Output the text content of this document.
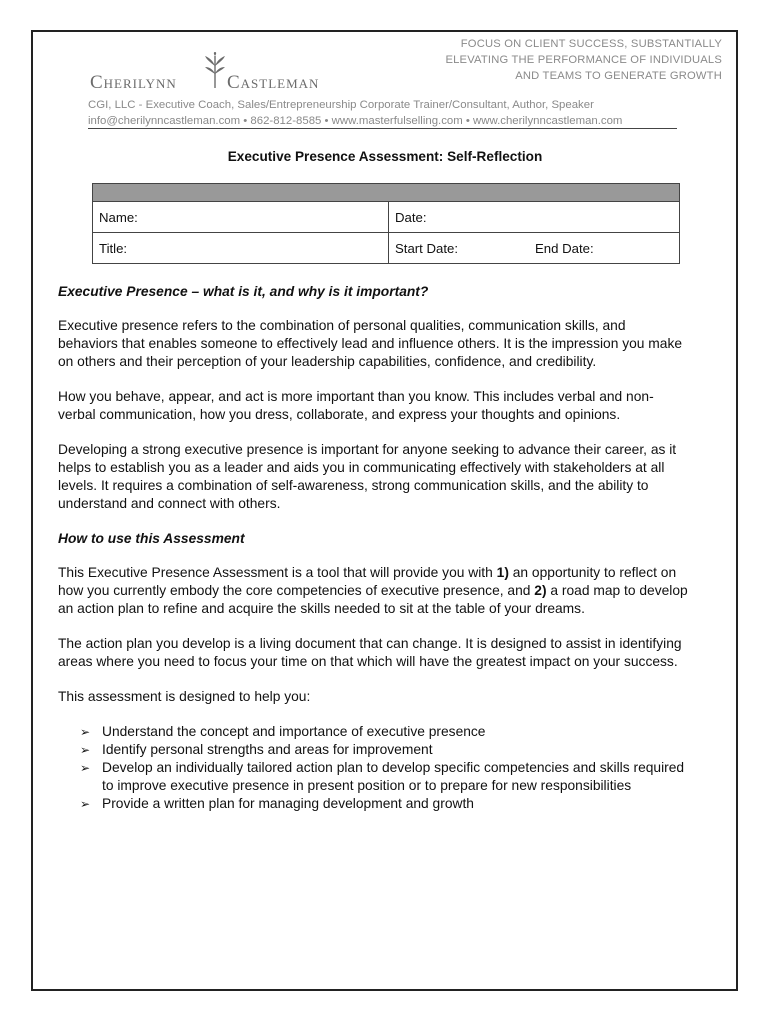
FOCUS ON CLIENT SUCCESS, SUBSTANTIALLY
ELEVATING THE PERFORMANCE OF INDIVIDUALS
AND TEAMS TO GENERATE GROWTH
Cherilynn	Castleman
CGI, LLC - Executive Coach, Sales/Entrepreneurship Corporate Trainer/Consultant, Author, Speaker
info@cherilynncastleman.com • 862-812-8585 • www.masterfulselling.com • www.cherilynncastleman.com
Executive Presence Assessment: Self-Reflection
Name:	Date:
Title:	Start Date:	End Date:

Executive Presence – what is it, and why is it important?

Executive presence refers to the combination of personal qualities, communication skills, and behaviors that enables someone to effectively lead and influence others. It is the impression you make on others and their perception of your leadership capabilities, confidence, and credibility.

How you behave, appear, and act is more important than you know. This includes verbal and non-verbal communication, how you dress, collaborate, and express your thoughts and opinions.

Developing a strong executive presence is important for anyone seeking to advance their career, as it helps to establish you as a leader and aids you in communicating effectively with stakeholders at all levels. It requires a combination of self-awareness, strong communication skills, and the ability to understand and connect with others.

How to use this Assessment

This Executive Presence Assessment is a tool that will provide you with 1) an opportunity to reflect on how you currently embody the core competencies of executive presence, and 2) a road map to develop an action plan to refine and acquire the skills needed to sit at the table of your dreams.

The action plan you develop is a living document that can change. It is designed to assist in identifying areas where you need to focus your time on that which will have the greatest impact on your success.

This assessment is designed to help you:

➢ Understand the concept and importance of executive presence
➢ Identify personal strengths and areas for improvement
➢ Develop an individually tailored action plan to develop specific competencies and skills required to improve executive presence in present position or to prepare for new responsibilities
➢ Provide a written plan for managing development and growth
